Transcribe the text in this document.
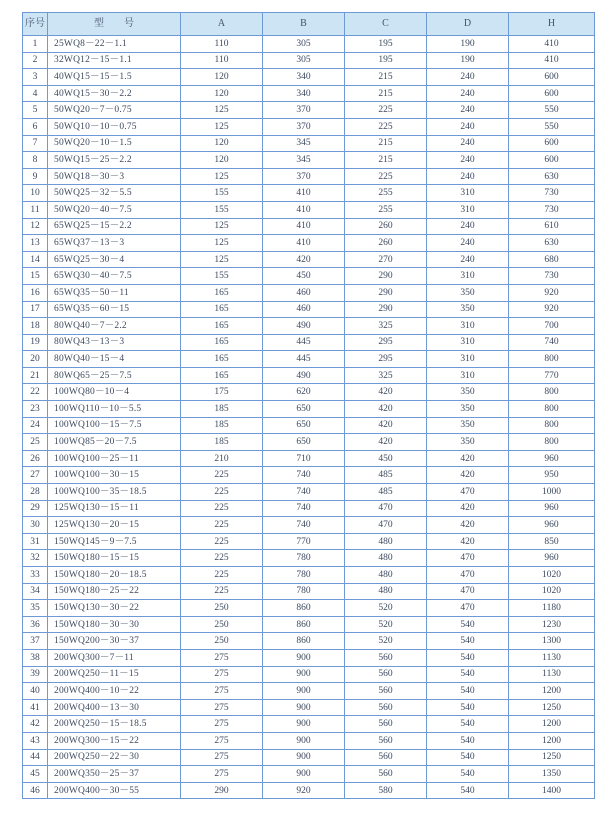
序号	型　　号	A	B	C	D	H
1	25WQ8－22－1.1	110	305	195	190	410
2	32WQ12－15－1.1	110	305	195	190	410
3	40WQ15－15－1.5	120	340	215	240	600
4	40WQ15－30－2.2	120	340	215	240	600
5	50WQ20－7－0.75	125	370	225	240	550
6	50WQ10－10－0.75	125	370	225	240	550
7	50WQ20－10－1.5	120	345	215	240	600
8	50WQ15－25－2.2	120	345	215	240	600
9	50WQ18－30－3	125	370	225	240	630
10	50WQ25－32－5.5	155	410	255	310	730
11	50WQ20－40－7.5	155	410	255	310	730
12	65WQ25－15－2.2	125	410	260	240	610
13	65WQ37－13－3	125	410	260	240	630
14	65WQ25－30－4	125	420	270	240	680
15	65WQ30－40－7.5	155	450	290	310	730
16	65WQ35－50－11	165	460	290	350	920
17	65WQ35－60－15	165	460	290	350	920
18	80WQ40－7－2.2	165	490	325	310	700
19	80WQ43－13－3	165	445	295	310	740
20	80WQ40－15－4	165	445	295	310	800
21	80WQ65－25－7.5	165	490	325	310	770
22	100WQ80－10－4	175	620	420	350	800
23	100WQ110－10－5.5	185	650	420	350	800
24	100WQ100－15－7.5	185	650	420	350	800
25	100WQ85－20－7.5	185	650	420	350	800
26	100WQ100－25－11	210	710	450	420	960
27	100WQ100－30－15	225	740	485	420	950
28	100WQ100－35－18.5	225	740	485	470	1000
29	125WQ130－15－11	225	740	470	420	960
30	125WQ130－20－15	225	740	470	420	960
31	150WQ145－9－7.5	225	770	480	420	850
32	150WQ180－15－15	225	780	480	470	960
33	150WQ180－20－18.5	225	780	480	470	1020
34	150WQ180－25－22	225	780	480	470	1020
35	150WQ130－30－22	250	860	520	470	1180
36	150WQ180－30－30	250	860	520	540	1230
37	150WQ200－30－37	250	860	520	540	1300
38	200WQ300－7－11	275	900	560	540	1130
39	200WQ250－11－15	275	900	560	540	1130
40	200WQ400－10－22	275	900	560	540	1200
41	200WQ400－13－30	275	900	560	540	1250
42	200WQ250－15－18.5	275	900	560	540	1200
43	200WQ300－15－22	275	900	560	540	1200
44	200WQ250－22－30	275	900	560	540	1250
45	200WQ350－25－37	275	900	560	540	1350
46	200WQ400－30－55	290	920	580	540	1400
